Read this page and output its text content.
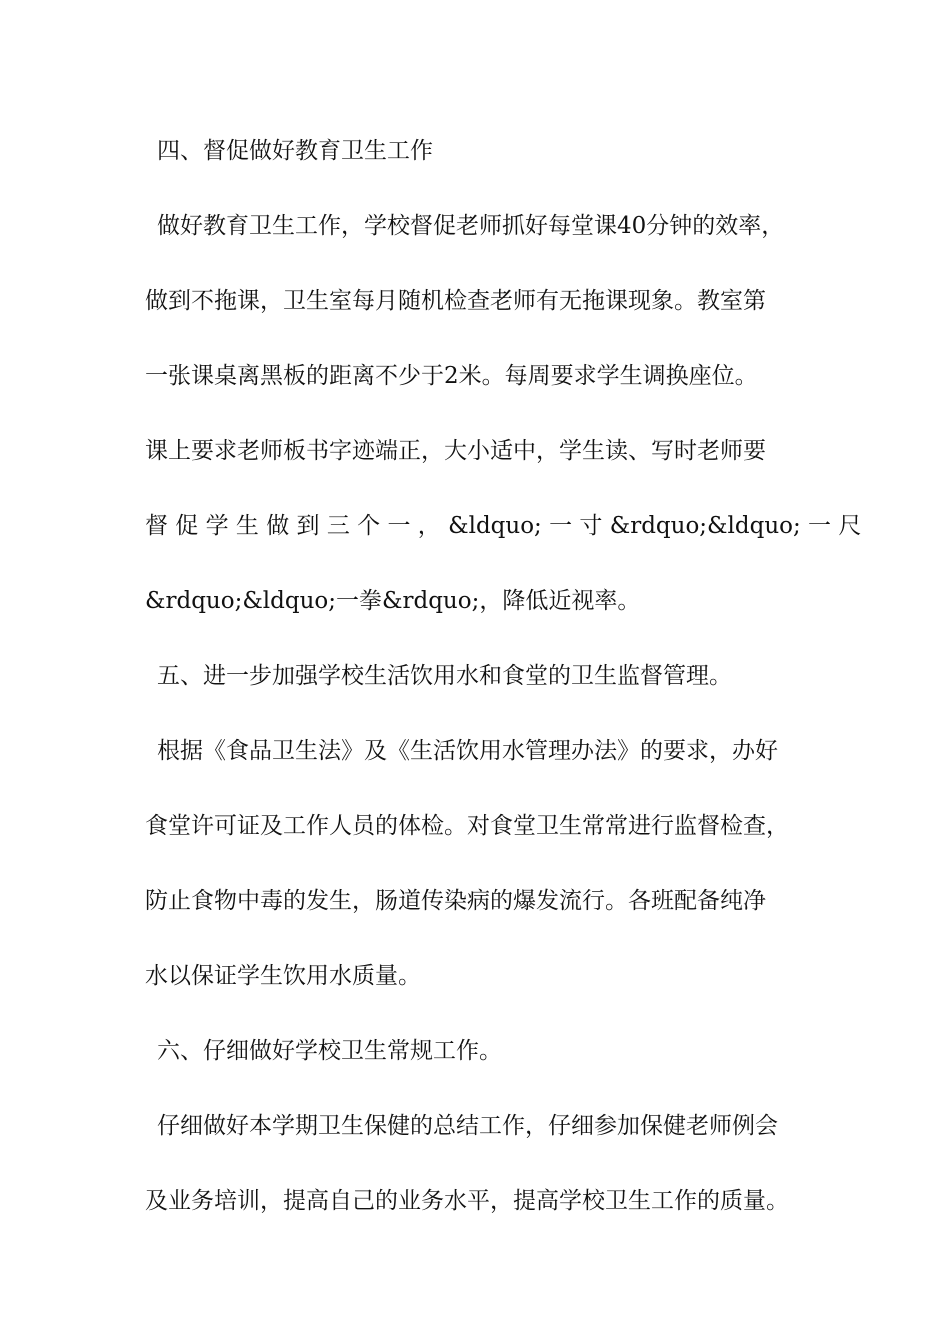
四、督促做好教育卫生工作
做好教育卫生工作，学校督促老师抓好每堂课40分钟的效率，
做到不拖课，卫生室每月随机检查老师有无拖课现象。教室第
一张课桌离黑板的距离不少于2米。每周要求学生调换座位。
课上要求老师板书字迹端正，大小适中，学生读、写时老师要
督 促 学 生 做 到 三 个 一 ， &ldquo; 一 寸 &rdquo;&ldquo; 一 尺
&rdquo;&ldquo;一拳&rdquo;，降低近视率。
五、进一步加强学校生活饮用水和食堂的卫生监督管理。
根据《食品卫生法》及《生活饮用水管理办法》的要求，办好
食堂许可证及工作人员的体检。对食堂卫生常常进行监督检查，
防止食物中毒的发生，肠道传染病的爆发流行。各班配备纯净
水以保证学生饮用水质量。
六、仔细做好学校卫生常规工作。
仔细做好本学期卫生保健的总结工作，仔细参加保健老师例会
及业务培训，提高自己的业务水平，提高学校卫生工作的质量。
